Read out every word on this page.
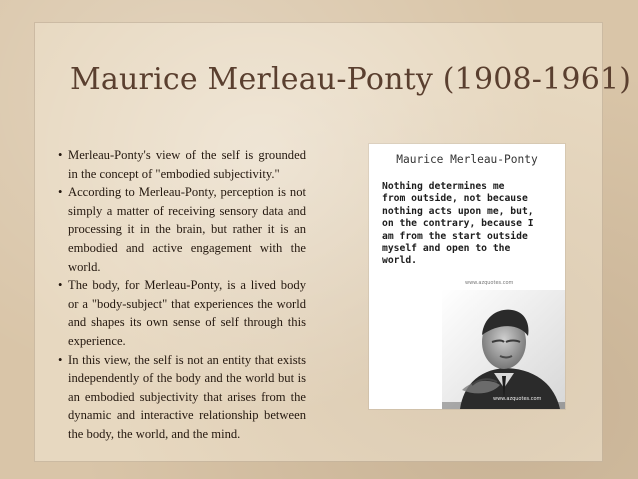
Maurice Merleau-Ponty (1908-1961)

• Merleau-Ponty's view of the self is grounded in the concept of "embodied subjectivity."

• According to Merleau-Ponty, perception is not simply a matter of receiving sensory data and processing it in the brain, but rather it is an embodied and active engagement with the world.

• The body, for Merleau-Ponty, is a lived body or a "body-subject" that experiences the world and shapes its own sense of self through this experience.

• In this view, the self is not an entity that exists independently of the body and the world but is an embodied subjectivity that arises from the dynamic and interactive relationship between the body, the world, and the mind.

Maurice Merleau-Ponty
Nothing determines me
from outside, not because
nothing acts upon me, but,
on the contrary, because I
am from the start outside
myself and open to the
world.
www.azquotes.com
www.azquotes.com
